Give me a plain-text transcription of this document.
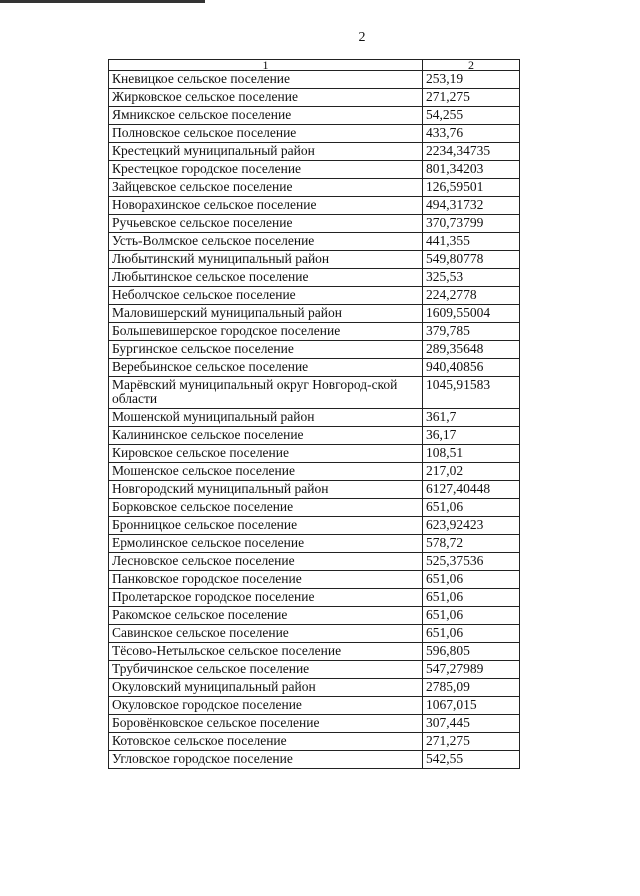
2
1	2
Кневицкое сельское поселение	253,19
Жирковское сельское поселение	271,275
Ямникское сельское поселение	54,255
Полновское сельское поселение	433,76
Крестецкий муниципальный район	2234,34735
Крестецкое городское поселение	801,34203
Зайцевское сельское поселение	126,59501
Новорахинское сельское поселение	494,31732
Ручьевское сельское поселение	370,73799
Усть-Волмское сельское поселение	441,355
Любытинский муниципальный район	549,80778
Любытинское сельское поселение	325,53
Неболчское сельское поселение	224,2778
Маловишерский муниципальный район	1609,55004
Большевишерское городское поселение	379,785
Бургинское сельское поселение	289,35648
Веребьинское сельское поселение	940,40856
Марёвский муниципальный округ Новгород-ской области	1045,91583
Мошенской муниципальный район	361,7
Калининское сельское поселение	36,17
Кировское сельское поселение	108,51
Мошенское сельское поселение	217,02
Новгородский муниципальный район	6127,40448
Борковское сельское поселение	651,06
Бронницкое сельское поселение	623,92423
Ермолинское сельское поселение	578,72
Лесновское сельское поселение	525,37536
Панковское городское поселение	651,06
Пролетарское городское поселение	651,06
Ракомское сельское поселение	651,06
Савинское сельское поселение	651,06
Тёсово-Нетыльское сельское поселение	596,805
Трубичинское сельское поселение	547,27989
Окуловский муниципальный район	2785,09
Окуловское городское поселение	1067,015
Боровёнковское сельское поселение	307,445
Котовское сельское поселение	271,275
Угловское городское поселение	542,55
